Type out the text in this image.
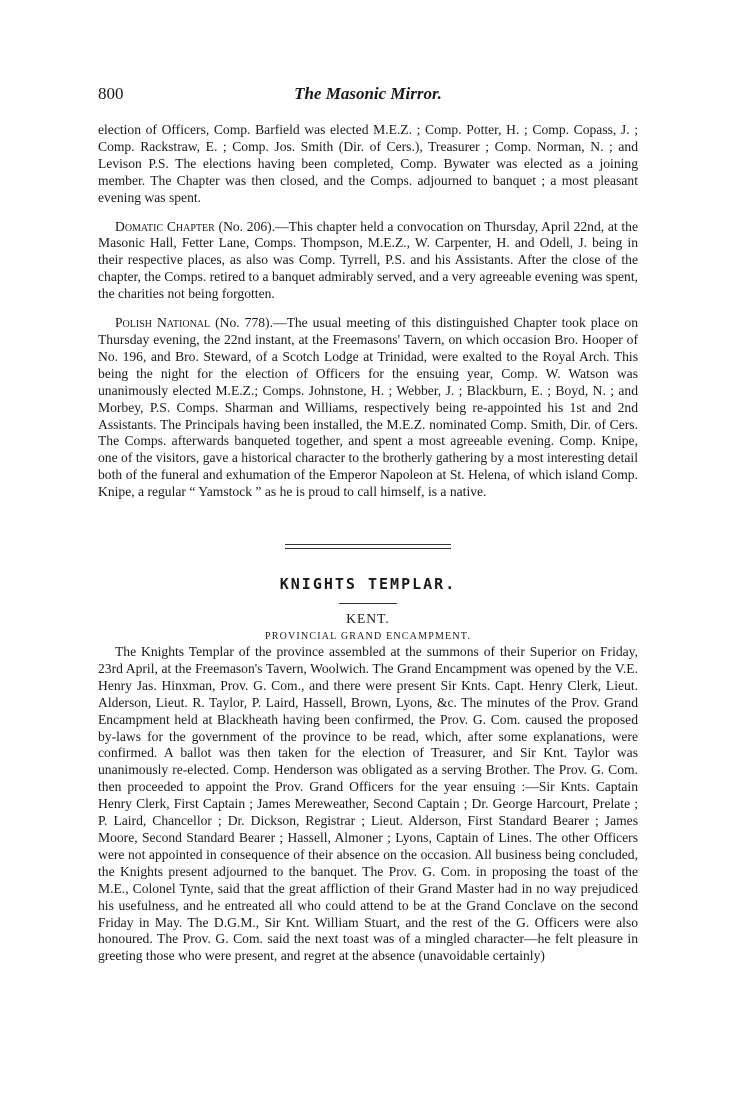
800	The Masonic Mirror.

election of Officers, Comp. Barfield was elected M.E.Z. ; Comp. Potter, H. ; Comp. Copass, J. ; Comp. Rackstraw, E. ; Comp. Jos. Smith (Dir. of Cers.), Treasurer ; Comp. Norman, N. ; and Levison P.S. The elections having been completed, Comp. Bywater was elected as a joining member. The Chapter was then closed, and the Comps. adjourned to banquet ; a most pleasant evening was spent.

Domatic Chapter (No. 206).—This chapter held a convocation on Thursday, April 22nd, at the Masonic Hall, Fetter Lane, Comps. Thompson, M.E.Z., W. Carpenter, H. and Odell, J. being in their respective places, as also was Comp. Tyrrell, P.S. and his Assistants. After the close of the chapter, the Comps. retired to a banquet admirably served, and a very agreeable evening was spent, the charities not being forgotten.

Polish National (No. 778).—The usual meeting of this distinguished Chapter took place on Thursday evening, the 22nd instant, at the Freemasons' Tavern, on which occasion Bro. Hooper of No. 196, and Bro. Steward, of a Scotch Lodge at Trinidad, were exalted to the Royal Arch. This being the night for the election of Officers for the ensuing year, Comp. W. Watson was unanimously elected M.E.Z.; Comps. Johnstone, H. ; Webber, J. ; Blackburn, E. ; Boyd, N. ; and Morbey, P.S. Comps. Sharman and Williams, respectively being re-appointed his 1st and 2nd Assistants. The Principals having been installed, the M.E.Z. nominated Comp. Smith, Dir. of Cers. The Comps. afterwards banqueted together, and spent a most agreeable evening. Comp. Knipe, one of the visitors, gave a historical character to the brotherly gathering by a most interesting detail both of the funeral and exhumation of the Emperor Napoleon at St. Helena, of which island Comp. Knipe, a regular “ Yamstock ” as he is proud to call himself, is a native.

KNIGHTS TEMPLAR.
KENT.
PROVINCIAL GRAND ENCAMPMENT.

The Knights Templar of the province assembled at the summons of their Superior on Friday, 23rd April, at the Freemason's Tavern, Woolwich. The Grand Encampment was opened by the V.E. Henry Jas. Hinxman, Prov. G. Com., and there were present Sir Knts. Capt. Henry Clerk, Lieut. Alderson, Lieut. R. Taylor, P. Laird, Hassell, Brown, Lyons, &c. The minutes of the Prov. Grand Encampment held at Blackheath having been confirmed, the Prov. G. Com. caused the proposed by-laws for the government of the province to be read, which, after some explanations, were confirmed. A ballot was then taken for the election of Treasurer, and Sir Knt. Taylor was unanimously re-elected. Comp. Henderson was obligated as a serving Brother. The Prov. G. Com. then proceeded to appoint the Prov. Grand Officers for the year ensuing :—Sir Knts. Captain Henry Clerk, First Captain ; James Mereweather, Second Captain ; Dr. George Harcourt, Prelate ; P. Laird, Chancellor ; Dr. Dickson, Registrar ; Lieut. Alderson, First Standard Bearer ; James Moore, Second Standard Bearer ; Hassell, Almoner ; Lyons, Captain of Lines. The other Officers were not appointed in consequence of their absence on the occasion. All business being concluded, the Knights present adjourned to the banquet. The Prov. G. Com. in proposing the toast of the M.E., Colonel Tynte, said that the great affliction of their Grand Master had in no way prejudiced his usefulness, and he entreated all who could attend to be at the Grand Conclave on the second Friday in May. The D.G.M., Sir Knt. William Stuart, and the rest of the G. Officers were also honoured. The Prov. G. Com. said the next toast was of a mingled character—he felt pleasure in greeting those who were present, and regret at the absence (unavoidable certainly)
